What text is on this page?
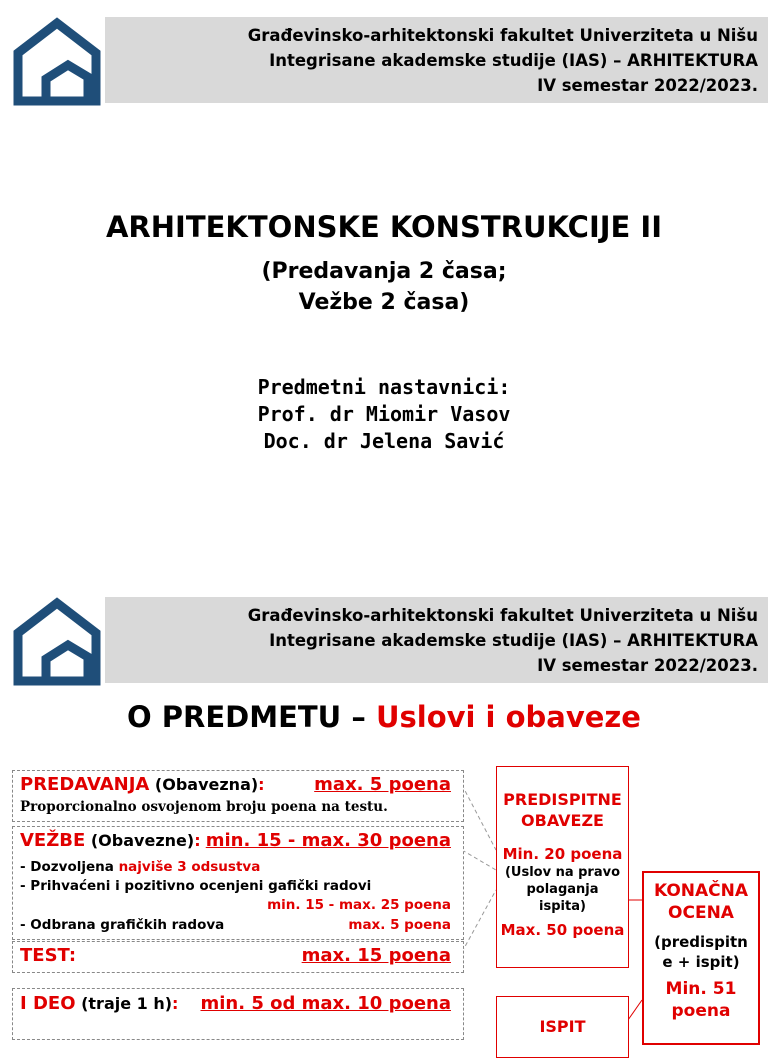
Građevinsko-arhitektonski fakultet Univerziteta u Nišu
Integrisane akademske studije (IAS) – ARHITEKTURA
IV semestar 2022/2023.
ARHITEKTONSKE KONSTRUKCIJE II
(Predavanja 2 časa;
Vežbe 2 časa)
Predmetni nastavnici:
Prof. dr Miomir Vasov
Doc. dr Jelena Savić
Građevinsko-arhitektonski fakultet Univerziteta u Nišu
Integrisane akademske studije (IAS) – ARHITEKTURA
IV semestar 2022/2023.
O PREDMETU – Uslovi i obaveze
PREDAVANJA (Obavezna):	max. 5 poena
Proporcionalno osvojenom broju poena na testu.
VEŽBE (Obavezne): min. 15 - max. 30 poena
- Dozvoljena najviše 3 odsustva
- Prihvaćeni i pozitivno ocenjeni gafički radovi
min. 15 - max. 25 poena
- Odbrana grafičkih radova	max. 5 poena
TEST:	max. 15 poena
I DEO (traje 1 h): min. 5 od max. 10 poena
PREDISPITNE
OBAVEZE
Min. 20 poena
(Uslov na pravo
polaganja
ispita)
Max. 50 poena
ISPIT
KONAČNA
OCENA
(predispitn
e + ispit)
Min. 51
poena
